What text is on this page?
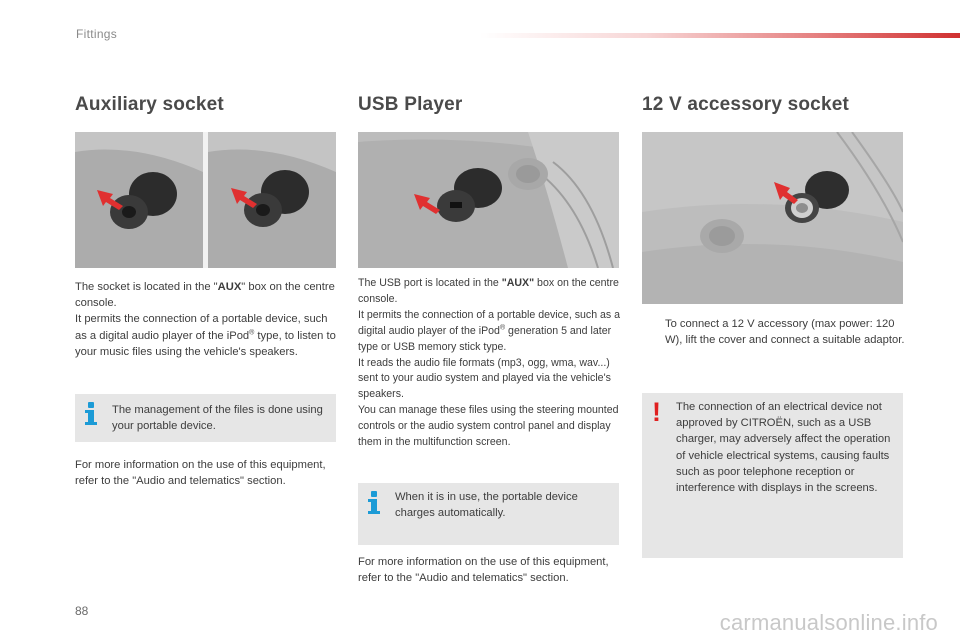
Fittings
Auxiliary socket

The socket is located in the "AUX" box on the centre console.

It permits the connection of a portable device, such as a digital audio player of the iPod® type, to listen to your music files using the vehicle's speakers.

The management of the files is done using your portable device.
For more information on the use of this equipment, refer to the "Audio and telematics" section.
USB Player

The USB port is located in the "AUX" box on the centre console.

It permits the connection of a portable device, such as a digital audio player of the iPod® generation 5 and later type or USB memory stick type.

It reads the audio file formats (mp3, ogg, wma, wav...) sent to your audio system and played via the vehicle's speakers.

You can manage these files using the steering mounted controls or the audio system control panel and display them in the multifunction screen.

When it is in use, the portable device charges automatically.
For more information on the use of this equipment, refer to the "Audio and telematics" section.
12 V accessory socket
To connect a 12 V accessory (max power: 120 W), lift the cover and connect a suitable adaptor.
! The connection of an electrical device not approved by CITROËN, such as a USB charger, may adversely affect the operation of vehicle electrical systems, causing faults such as poor telephone reception or interference with displays in the screens.
88	carmanualsonline.info
